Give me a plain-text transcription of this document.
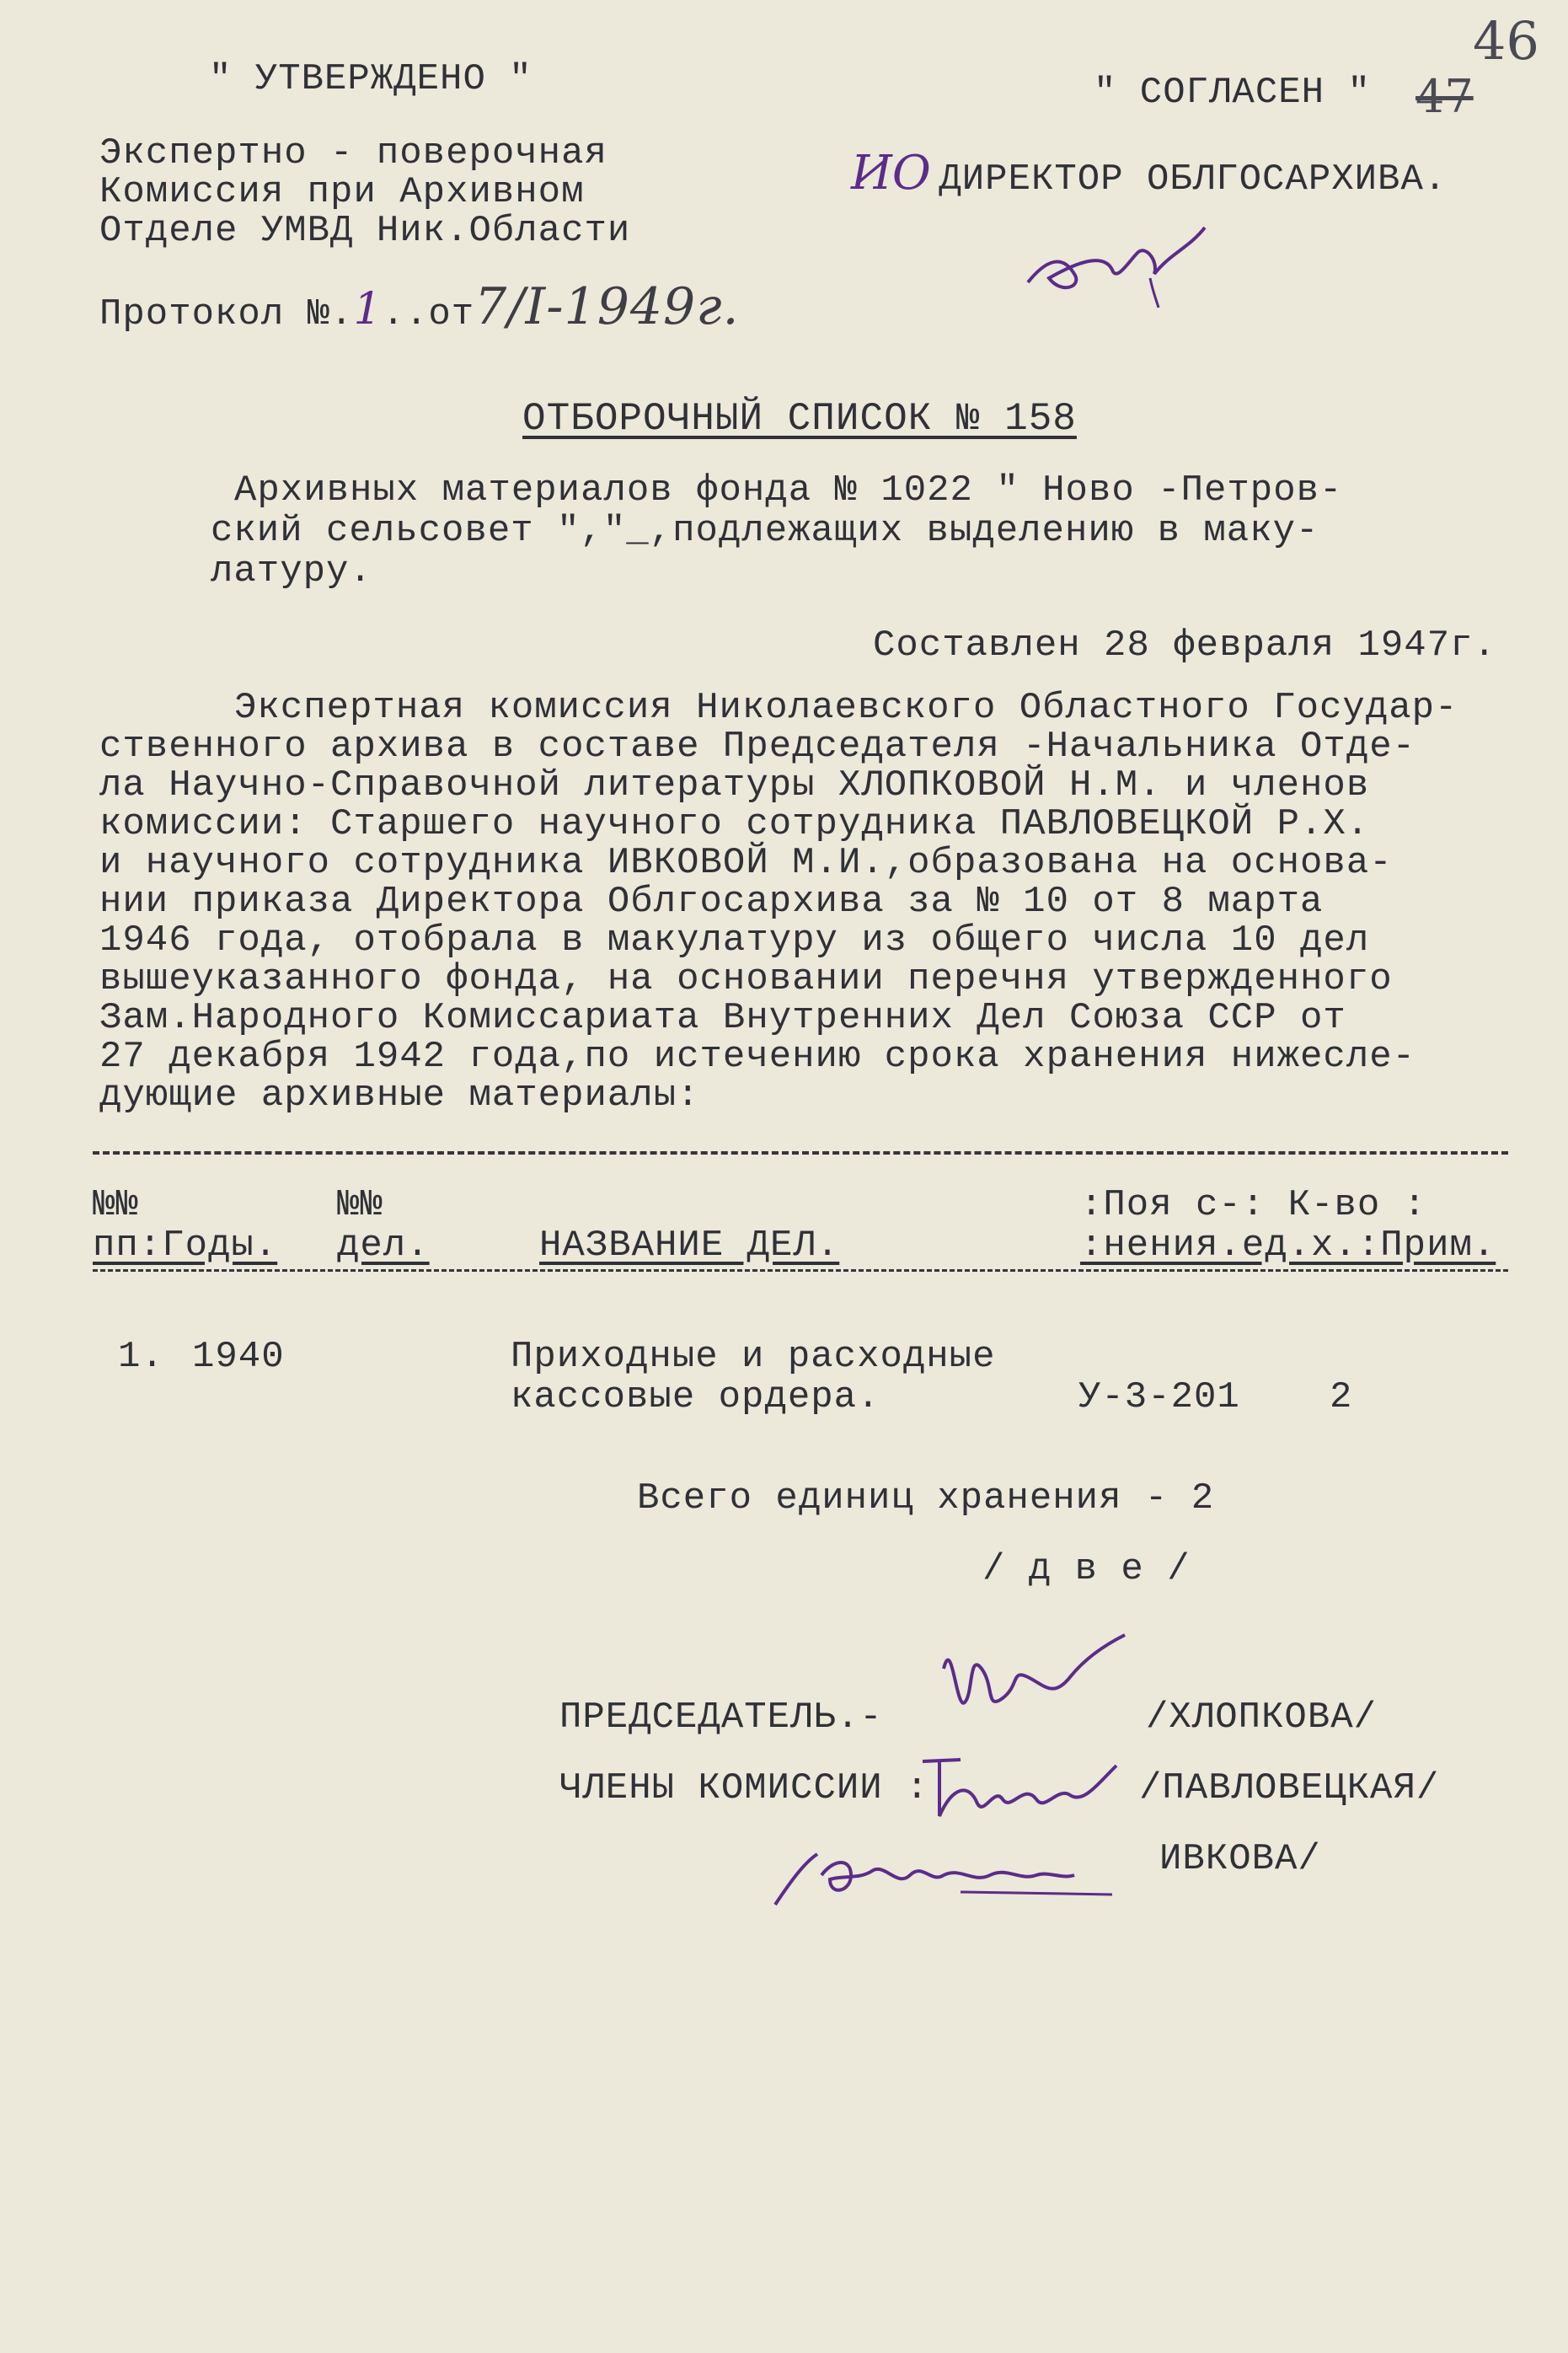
46
47
" УТВЕРЖДЕНО "
Экспертно - поверочная
Комиссия при Архивном
Отделе УМВД Ник.Области
Протокол №.1..от7/I-1949г.
" СОГЛАСЕН "
ИО ДИРЕКТОР ОБЛГОСАРХИВА.
ОТБОРОЧНЫЙ СПИСОК № 158
Архивных материалов фонда № 1022 " Ново -Петров-
ский сельсовет ","_,подлежащих выделению в маку-
латуру.
Составлен 28 февраля 1947г.
Экспертная комиссия Николаевского Областного Государ-
ственного архива в составе Председателя -Начальника Отде-
ла Научно-Справочной литературы ХЛОПКОВОЙ Н.М. и членов
комиссии: Старшего научного сотрудника ПАВЛОВЕЦКОЙ Р.Х.
и научного сотрудника ИВКОВОЙ М.И.,образована на основа-
нии приказа Директора Облгосархива за № 10 от 8 марта
1946 года, отобрала в макулатуру из общего числа 10 дел
вышеуказанного фонда, на основании перечня утвержденного
Зам.Народного Комиссариата Внутренних Дел Союза ССР от
27 декабря 1942 года,по истечению срока хранения нижесле-
дующие архивные материалы:
№№	№№	:Поя с-: К-во :
пп:Годы. дел.	НАЗВАНИЕ ДЕЛ.	:нения.ед.х.:Прим.
1. 1940	Приходные и расходные
кассовые ордера.	У-3-201 2
Всего единиц хранения - 2
/ д в е /
ПРЕДСЕДАТЕЛЬ.-	/ХЛОПКОВА/
ЧЛЕНЫ КОМИССИИ :	/ПАВЛОВЕЦКАЯ/
ИВКОВА/
